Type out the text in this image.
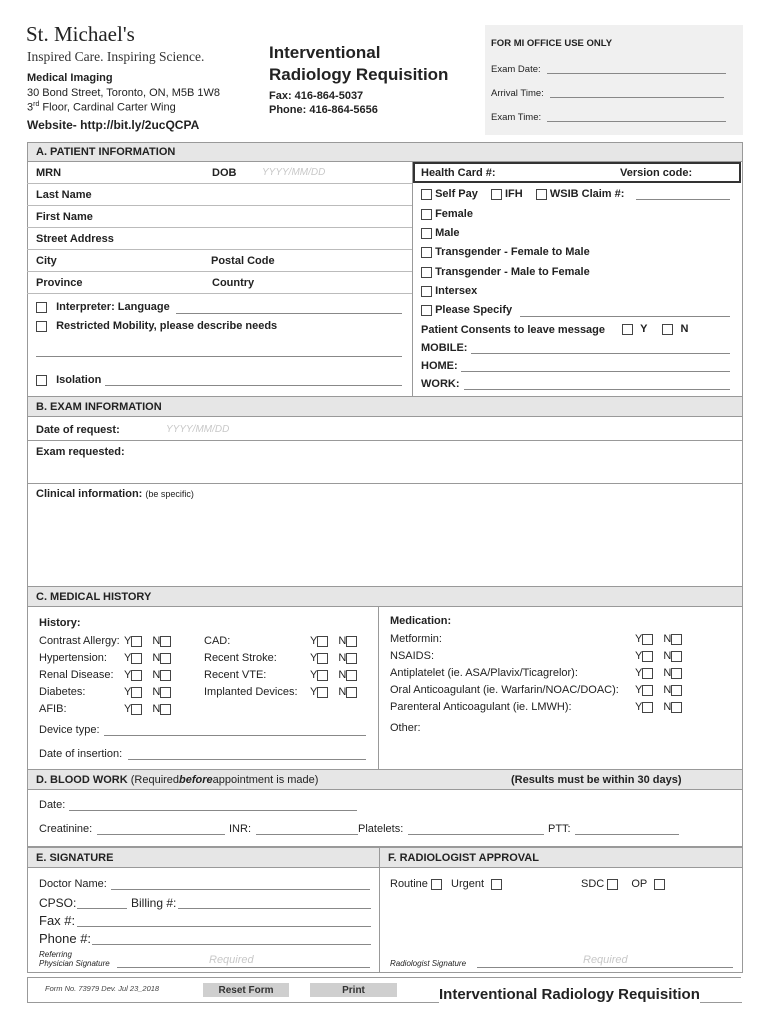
St. Michael's
Inspired Care. Inspiring Science.
Medical Imaging
30 Bond Street, Toronto, ON, M5B 1W8
3rd Floor, Cardinal Carter Wing
Website- http://bit.ly/2ucQCPA
Interventional
Radiology Requisition
Fax: 416-864-5037
Phone: 416-864-5656
FOR MI OFFICE USE ONLY
Exam Date:
Arrival Time:
Exam Time:
A. PATIENT INFORMATION
MRN	DOB	YYYY/MM/DD
Last Name
First Name
Street Address
City	Postal Code
Province	Country
Interpreter: Language
Restricted Mobility, please describe needs
Isolation
Health Card #:	Version code:
Self Pay IFH WSIB Claim #:
Female
Male
Transgender - Female to Male
Transgender - Male to Female
Intersex
Please Specify
Patient Consents to leave message	Y	N
MOBILE:
HOME:
WORK:
B. EXAM INFORMATION
Date of request:	YYYY/MM/DD
Exam requested:
Clinical information: (be specific)
C. MEDICAL HISTORY
History:	Medication:
Contrast Allergy: Y N
Hypertension: Y N
Renal Disease: Y N
Diabetes:	Y N
AFIB:	Y N
CAD:	Y N
Recent Stroke:	Y N
Recent VTE:	Y N
Implanted Devices: Y N
Metformin:	Y N
NSAIDS:	Y N
Antiplatelet (ie. ASA/Plavix/Ticagrelor):	Y N
Oral Anticoagulant (ie. Warfarin/NOAC/DOAC): Y N
Parenteral Anticoagulant (ie. LMWH):	Y N
Device type:
Date of insertion:
Other:
D. BLOOD WORK
(Required before appointment is made)	(Results must be within 30 days)
Date:
Creatinine:	INR:	Platelets:	PTT:
E. SIGNATURE
Doctor Name:
CPSO:	Billing #:
Fax #:
Phone #:
Referring
Physician Signature	Required
F. RADIOLOGIST APPROVAL
Routine Urgent	SDC OP
Radiologist Signature	Required
Form No. 73979 Dev. Jul 23_2018	Reset Form	Print	Interventional Radiology Requisition
